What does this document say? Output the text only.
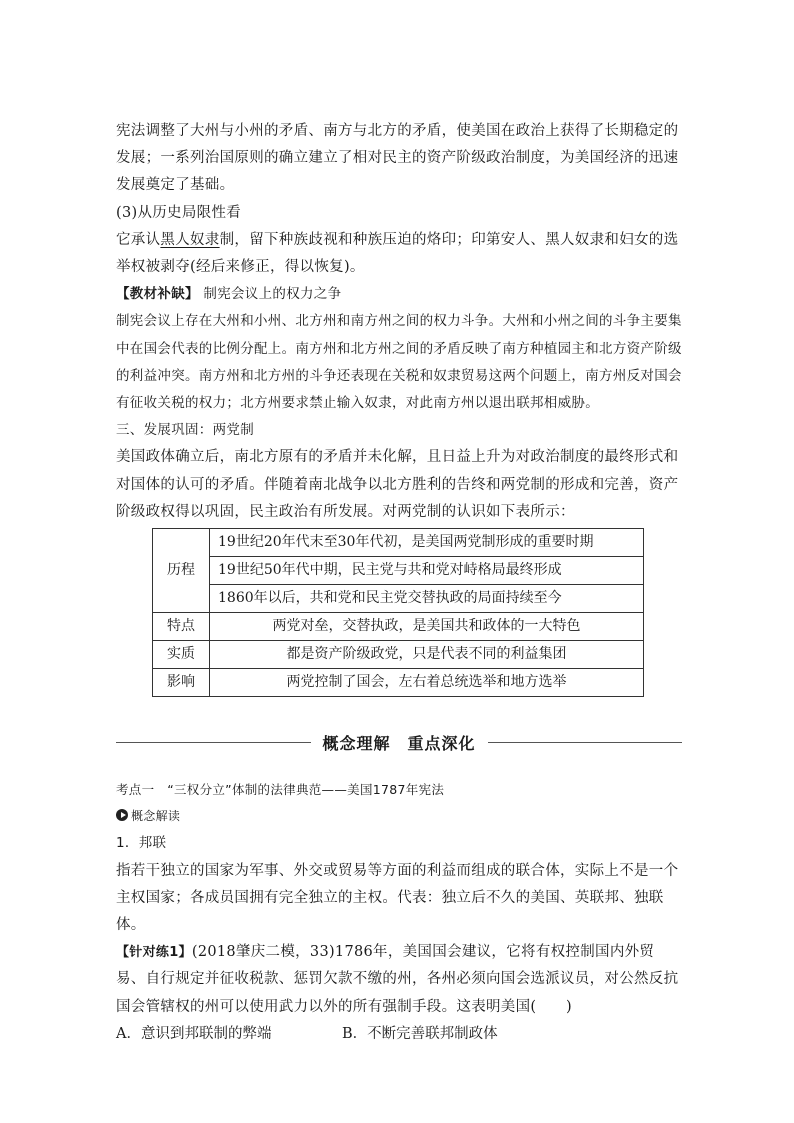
宪法调整了大州与小州的矛盾、南方与北方的矛盾，使美国在政治上获得了长期稳定的发展；一系列治国原则的确立建立了相对民主的资产阶级政治制度，为美国经济的迅速发展奠定了基础。

(3)从历史局限性看

它承认黑人奴隶制，留下种族歧视和种族压迫的烙印；印第安人、黑人奴隶和妇女的选举权被剥夺(经后来修正，得以恢复)。

【教材补缺】 制宪会议上的权力之争

制宪会议上存在大州和小州、北方州和南方州之间的权力斗争。大州和小州之间的斗争主要集中在国会代表的比例分配上。南方州和北方州之间的矛盾反映了南方种植园主和北方资产阶级的利益冲突。南方州和北方州的斗争还表现在关税和奴隶贸易这两个问题上，南方州反对国会有征收关税的权力；北方州要求禁止输入奴隶，对此南方州以退出联邦相威胁。

三、发展巩固：两党制

美国政体确立后，南北方原有的矛盾并未化解，且日益上升为对政治制度的最终形式和对国体的认可的矛盾。伴随着南北战争以北方胜利的告终和两党制的形成和完善，资产阶级政权得以巩固，民主政治有所发展。对两党制的认识如下表所示：

历程	19世纪20年代末至30年代初，是美国两党制形成的重要时期
	19世纪50年代中期，民主党与共和党对峙格局最终形成
	1860年以后，共和党和民主党交替执政的局面持续至今
特点	两党对垒，交替执政，是美国共和政体的一大特色
实质	都是资产阶级政党，只是代表不同的利益集团
影响	两党控制了国会，左右着总统选举和地方选举
概念理解　重点深化

考点一　“三权分立”体制的法律典范——美国1787年宪法

概念解读

1．邦联

指若干独立的国家为军事、外交或贸易等方面的利益而组成的联合体，实际上不是一个主权国家；各成员国拥有完全独立的主权。代表：独立后不久的美国、英联邦、独联体。

【针对练1】(2018肇庆二模，33)1786年，美国国会建议，它将有权控制国内外贸易、自行规定并征收税款、惩罚欠款不缴的州，各州必须向国会选派议员，对公然反抗国会管辖权的州可以使用武力以外的所有强制手段。这表明美国(　　)

A．意识到邦联制的弊端	B．不断完善联邦制政体
